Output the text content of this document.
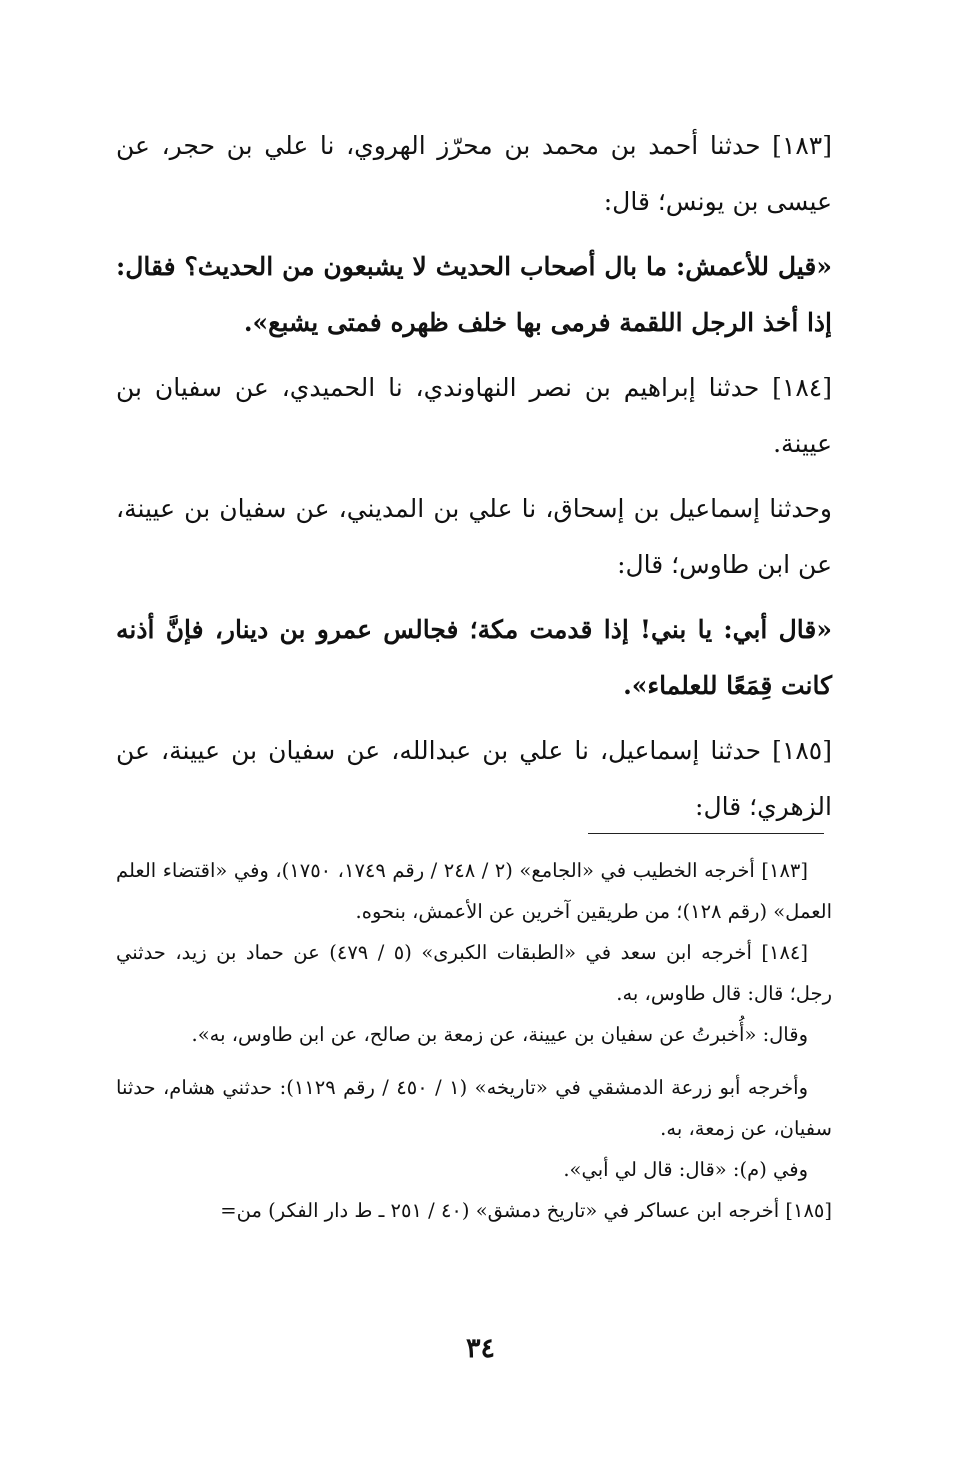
[١٨٣] حدثنا أحمد بن محمد بن محرّز الهروي، نا علي بن حجر، عن عيسى بن يونس؛ قال:

«قيل للأعمش: ما بال أصحاب الحديث لا يشبعون من الحديث؟ فقال: إذا أخذ الرجل اللقمة فرمى بها خلف ظهره فمتى يشبع».

[١٨٤] حدثنا إبراهيم بن نصر النهاوندي، نا الحميدي، عن سفيان بن عيينة.

وحدثنا إسماعيل بن إسحاق، نا علي بن المديني، عن سفيان بن عيينة، عن ابن طاوس؛ قال:

«قال أبي: يا بني! إذا قدمت مكة؛ فجالس عمرو بن دينار، فإنَّ أذنه كانت قِمَعًا للعلماء».

[١٨٥] حدثنا إسماعيل، نا علي بن عبدالله، عن سفيان بن عيينة، عن الزهري؛ قال:

[١٨٣] أخرجه الخطيب في «الجامع» (٢ / ٢٤٨ / رقم ١٧٤٩، ١٧٥٠)، وفي «اقتضاء العلم العمل» (رقم ١٢٨)؛ من طريقين آخرين عن الأعمش، بنحوه.

[١٨٤] أخرجه ابن سعد في «الطبقات الكبرى» (٥ / ٤٧٩) عن حماد بن زيد، حدثني رجل؛ قال: قال طاوس، به.

وقال: «أُخبرتُ عن سفيان بن عيينة، عن زمعة بن صالح، عن ابن طاوس، به».

وأخرجه أبو زرعة الدمشقي في «تاريخه» (١ / ٤٥٠ / رقم ١١٢٩): حدثني هشام، حدثنا سفيان، عن زمعة، به.

وفي (م): «قال: قال لي أبي».

[١٨٥] أخرجه ابن عساكر في «تاريخ دمشق» (٤٠ / ٢٥١ ـ ط دار الفكر) من=

٣٤
